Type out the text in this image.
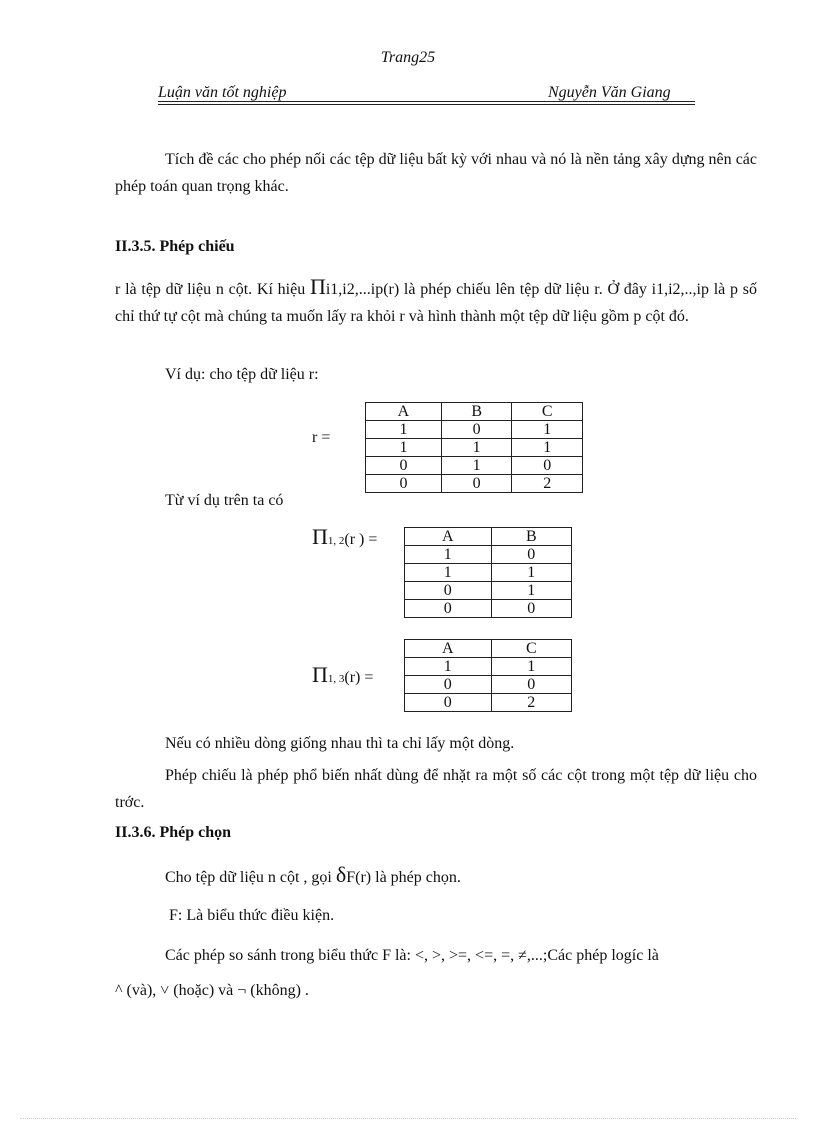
Trang25
Luận văn tốt nghiệp	Nguyễn Văn Giang

Tích đề các cho phép nối các tệp dữ liệu bất kỳ với nhau và nó là nền tảng xây dựng nên các phép toán quan trọng khác.

II.3.5. Phép chiếu

r là tệp dữ liệu n cột. Kí hiệu Πi1,i2,...ip(r) là phép chiếu lên tệp dữ liệu r. Ở đây i1,i2,..,ip là p số chỉ thứ tự cột mà chúng ta muốn lấy ra khỏi r và hình thành một tệp dữ liệu gồm p cột đó.

Ví dụ: cho tệp dữ liệu r:
r =
A	B	C
1	0	1
1	1	1
0	1	0
0	0	2
Từ ví dụ trên ta có
Π1, 2(r ) =	A	B
1	0
1	1
0	1
0	0
Π1, 3(r) =
A	C
1	1
0	0
0	2
Nếu có nhiều dòng giống nhau thì ta chỉ lấy một dòng.

Phép chiếu là phép phổ biến nhất dùng để nhặt ra một số các cột trong một tệp dữ liệu cho trớc.

II.3.6. Phép chọn
Cho tệp dữ liệu n cột , gọi δF(r) là phép chọn.
F: Là biểu thức điều kiện.

Các phép so sánh trong biểu thức F là: <, >, >=, <=, =, ≠,...;Các phép logíc là

^ (và), ˅ (hoặc) và ¬ (không) .
